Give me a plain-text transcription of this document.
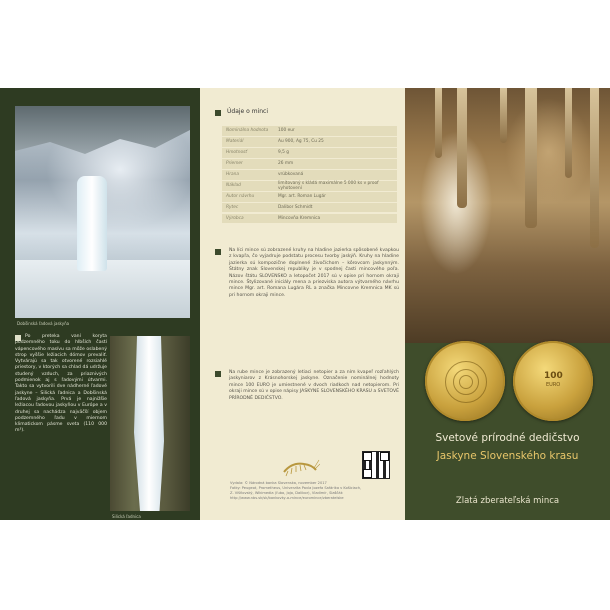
Dobšinská ľadová jaskyňa
Po preteka vaní koryta podzemného toku do hlbších častí vápencového masívu sa môže oslabený strop vyššie ležiacich dómov prevaliť. Vytvárajú sa tak otvorené rozsiahlé priestory, v ktorých sa chlad dá udržuje studený vzduch, za priaznivých podmienok aj s ľadovými útvarmi. Takto sa vytvorili dve nádherné ľadové jaskyne – Silická ľadnica a Dobšinská ľadová jaskyňa. Prvá je najnižšie ležiacou ľadovou jaskyňou v Európe a v druhej sa nachádza najväčší objem podzemného ľadu v miernom klimatickom pásme sveta (110 000 m³).
Silická ľadnica
Údaje o minci
Nominálna hodnota	100 eur
Materiál	Au 900, Ag 75, Cu 25
Hmotnosť	9,5 g
Priemer	26 mm
Hrana	vrúbkovaná
Náklad	limitovaný s kládá maximálne 5 000 ks v proof vyhotovení
Autor návrhu	Mgr. art. Roman Lugár
Rytec	Dalibor Schmidt
Výrobca	Mincovňa Kremnica

Na líci mince sú zobrazené kruhy na hladine jazierka spôsobené kvapkou z kvapľa, čo vyjadruje podstatu procesu tvorby jaskýň. Kruhy na hladine jazierka sú kompozične doplnené živočíchom – kôrovcom jaskynným. Štátny znak Slovenskej republiky je v spodnej časti mincového poľa. Názov štátu SLOVENSKO a letopočet 2017 sú v opise pri hornom okraji mince. Štylizované iniciály mena a priezviska autora výtvarného návrhu mince Mgr. art. Romana Lugára RL a značka Mincovne Kremnica MK sú pri hornom okraji mince.

Na rube mince je zobrazený letiaci netopier a za ním kvapeľ rozľahlých jaskyniarov z Krásnohorskej jaskyne. Označenie nominálnej hodnoty mince 100 EURO je umiestnené v dvoch riadkoch nad netopierom. Pri okraji mince sú v opise nápisy JASKYNE SLOVENSKÉHO KRASU a SVETOVÉ PRÍRODNÉ DEDIČSTVO.

Vydala: © Národná banka Slovenska, november 2017
Fotky: Peugeot, Prometheus, Univerzita Pavla Jozefa Šafárika v Košiciach,
Z. Višňovský, Wikimedia (ľubo, Jojo, Dalibor), Vladimír, Slaščák
http://www.nbs.sk/sk/bankovky-a-mince/euromince/zberatelske
100
EURO
Svetové prírodné dedičstvo
Jaskyne Slovenského krasu
Zlatá zberateľská minca
